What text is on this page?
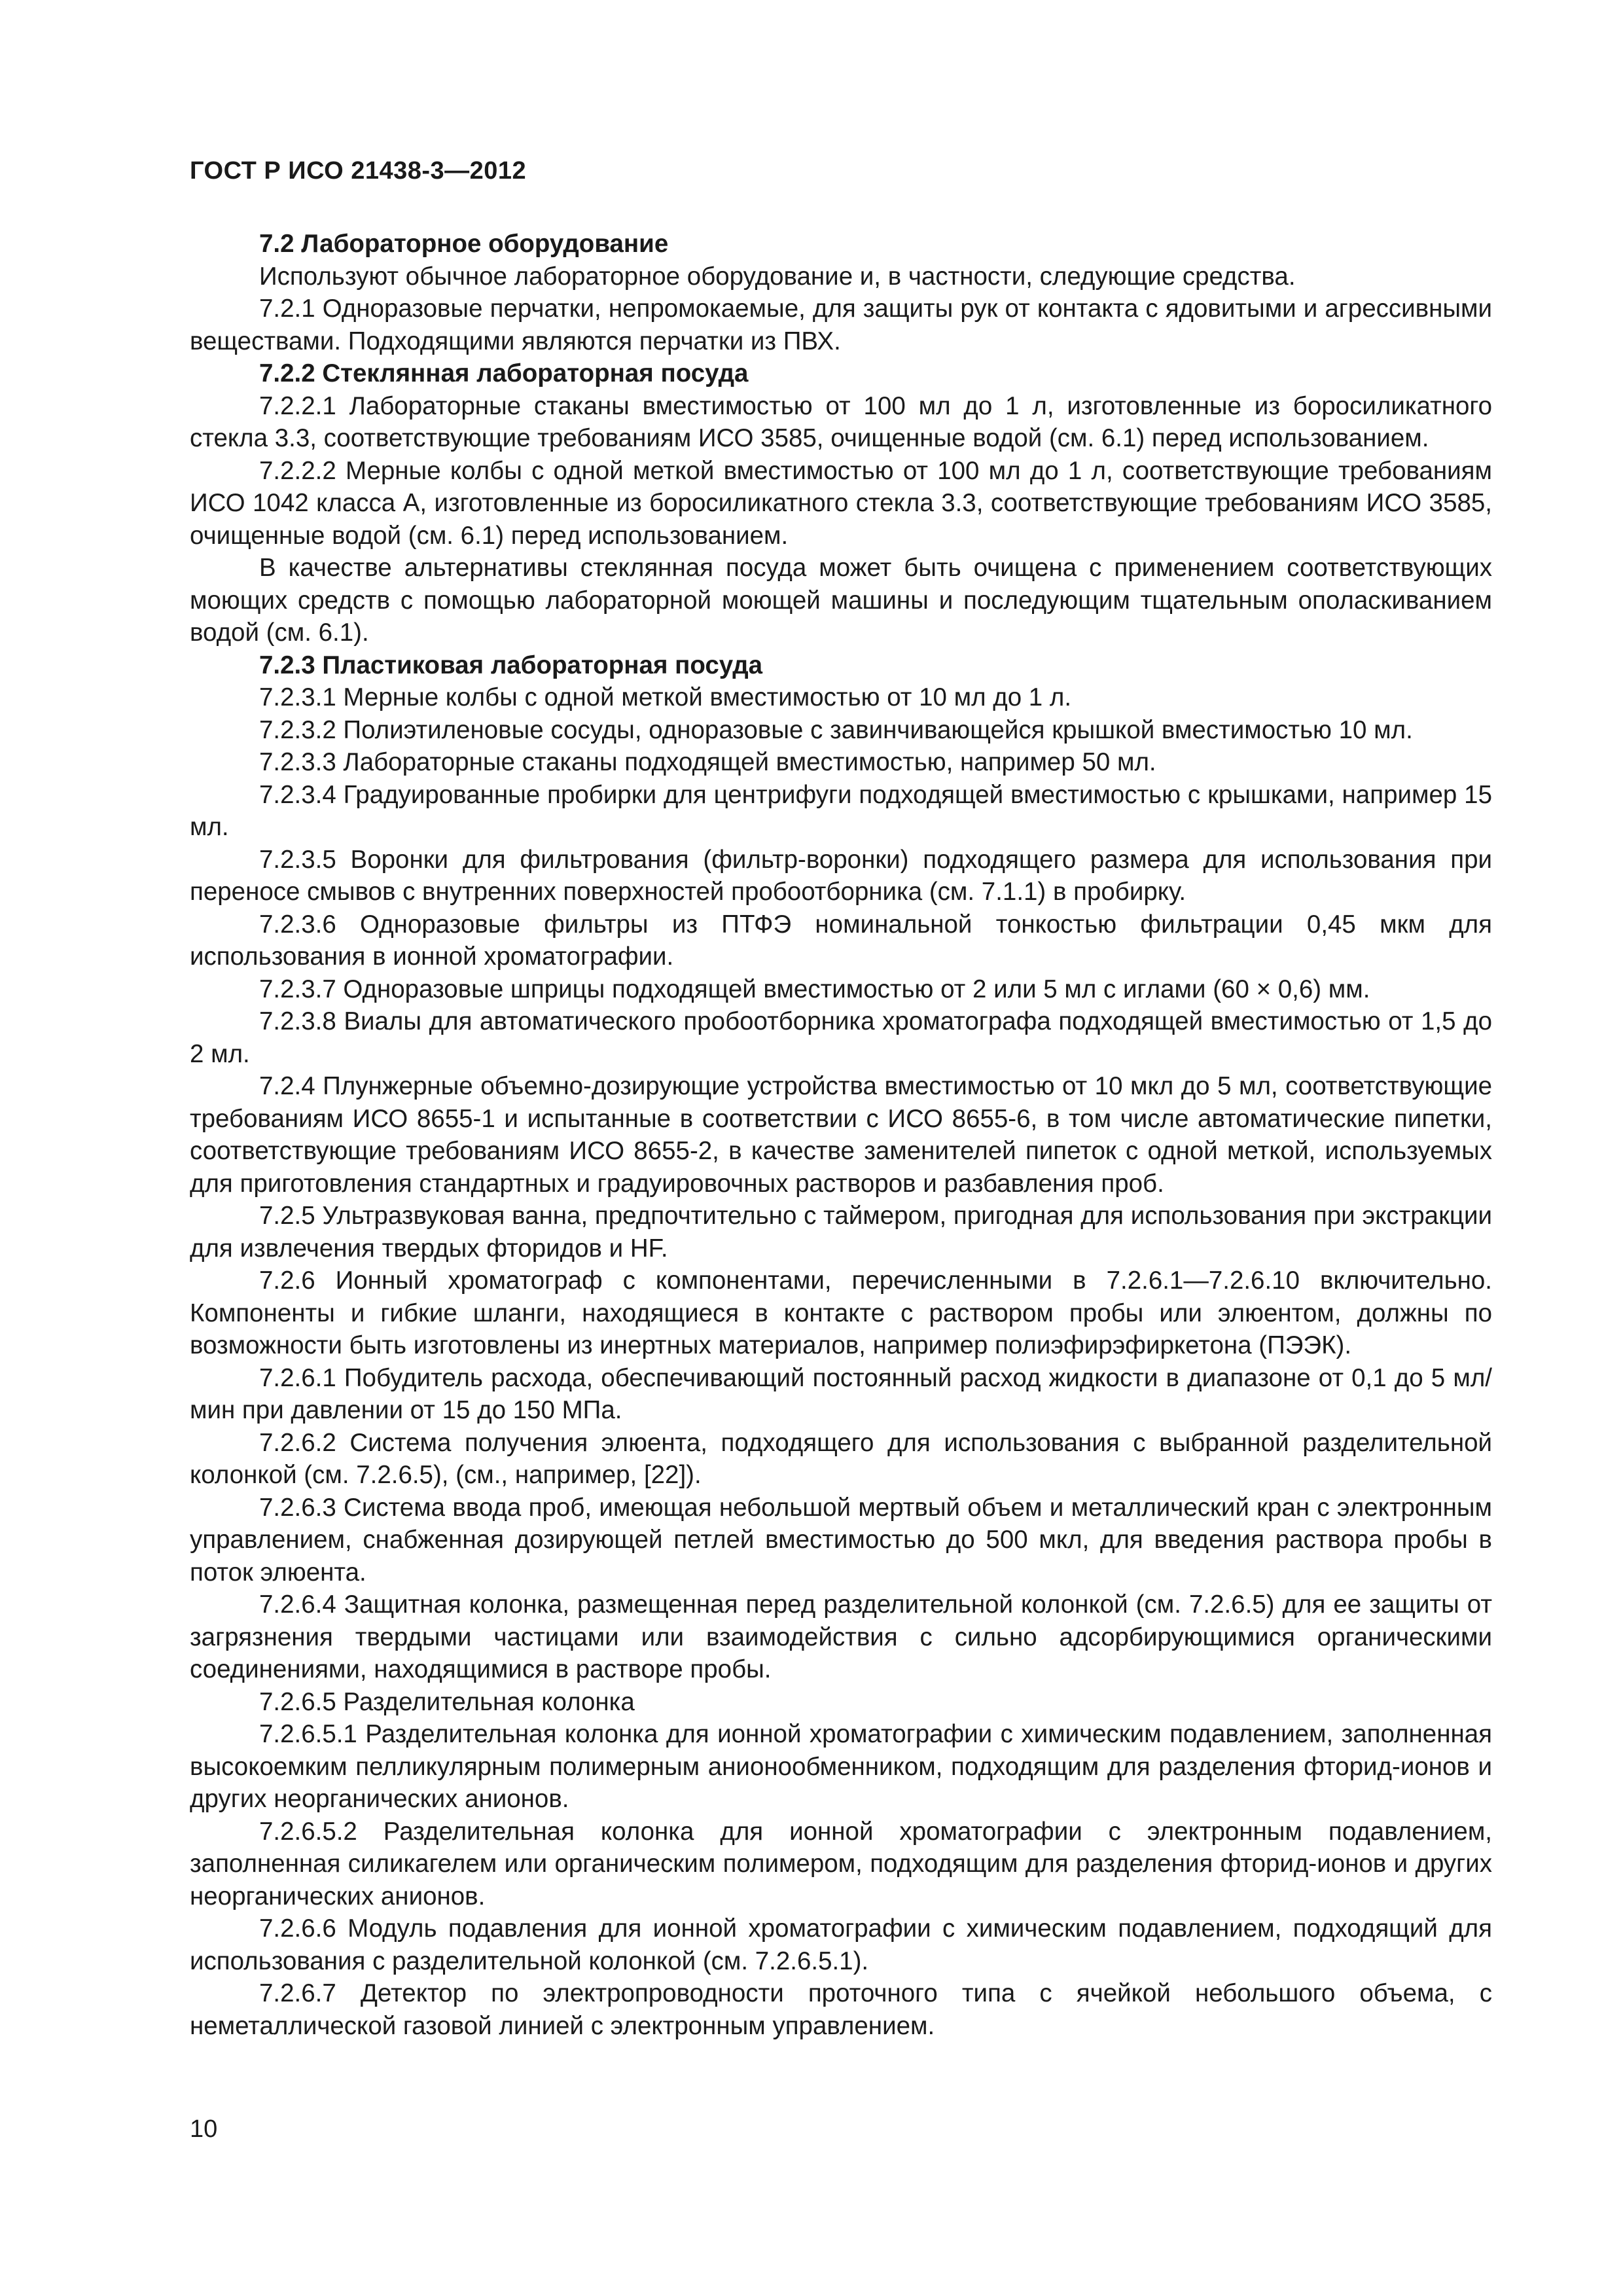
ГОСТ Р ИСО 21438-3—2012

7.2 Лабораторное оборудование

Используют обычное лабораторное оборудование и, в частности, следующие средства.

7.2.1 Одноразовые перчатки, непромокаемые, для защиты рук от контакта с ядовитыми и агрессивными веществами. Подходящими являются перчатки из ПВХ.

7.2.2 Стеклянная лабораторная посуда

7.2.2.1 Лабораторные стаканы вместимостью от 100 мл до 1 л, изготовленные из боросиликатного стекла 3.3, соответствующие требованиям ИСО 3585, очищенные водой (см. 6.1) перед использованием.

7.2.2.2 Мерные колбы с одной меткой вместимостью от 100 мл до 1 л, соответствующие требованиям ИСО 1042 класса А, изготовленные из боросиликатного стекла 3.3, соответствующие требованиям ИСО 3585, очищенные водой (см. 6.1) перед использованием.

В качестве альтернативы стеклянная посуда может быть очищена с применением соответствующих моющих средств с помощью лабораторной моющей машины и последующим тщательным ополаскиванием водой (см. 6.1).

7.2.3 Пластиковая лабораторная посуда

7.2.3.1 Мерные колбы с одной меткой вместимостью от 10 мл до 1 л.

7.2.3.2 Полиэтиленовые сосуды, одноразовые с завинчивающейся крышкой вместимостью 10 мл.

7.2.3.3 Лабораторные стаканы подходящей вместимостью, например 50 мл.

7.2.3.4 Градуированные пробирки для центрифуги подходящей вместимостью с крышками, например 15 мл.

7.2.3.5 Воронки для фильтрования (фильтр-воронки) подходящего размера для использования при переносе смывов с внутренних поверхностей пробоотборника (см. 7.1.1) в пробирку.

7.2.3.6 Одноразовые фильтры из ПТФЭ номинальной тонкостью фильтрации 0,45 мкм для использования в ионной хроматографии.

7.2.3.7 Одноразовые шприцы подходящей вместимостью от 2 или 5 мл с иглами (60 × 0,6) мм.

7.2.3.8 Виалы для автоматического пробоотборника хроматографа подходящей вместимостью от 1,5 до 2 мл.

7.2.4 Плунжерные объемно-дозирующие устройства вместимостью от 10 мкл до 5 мл, соответствующие требованиям ИСО 8655-1 и испытанные в соответствии с ИСО 8655-6, в том числе автоматические пипетки, соответствующие требованиям ИСО 8655-2, в качестве заменителей пипеток с одной меткой, используемых для приготовления стандартных и градуировочных растворов и разбавления проб.

7.2.5 Ультразвуковая ванна, предпочтительно с таймером, пригодная для использования при экстракции для извлечения твердых фторидов и HF.

7.2.6 Ионный хроматограф с компонентами, перечисленными в 7.2.6.1—7.2.6.10 включительно. Компоненты и гибкие шланги, находящиеся в контакте с раствором пробы или элюентом, должны по возможности быть изготовлены из инертных материалов, например полиэфирэфиркетона (ПЭЭК).

7.2.6.1 Побудитель расхода, обеспечивающий постоянный расход жидкости в диапазоне от 0,1 до 5 мл/мин при давлении от 15 до 150 МПа.

7.2.6.2 Система получения элюента, подходящего для использования с выбранной разделительной колонкой (см. 7.2.6.5), (см., например, [22]).

7.2.6.3 Система ввода проб, имеющая небольшой мертвый объем и металлический кран с электронным управлением, снабженная дозирующей петлей вместимостью до 500 мкл, для введения раствора пробы в поток элюента.

7.2.6.4 Защитная колонка, размещенная перед разделительной колонкой (см. 7.2.6.5) для ее защиты от загрязнения твердыми частицами или взаимодействия с сильно адсорбирующимися органическими соединениями, находящимися в растворе пробы.

7.2.6.5 Разделительная колонка

7.2.6.5.1 Разделительная колонка для ионной хроматографии с химическим подавлением, заполненная высокоемким пелликулярным полимерным анионообменником, подходящим для разделения фторид-ионов и других неорганических анионов.

7.2.6.5.2 Разделительная колонка для ионной хроматографии с электронным подавлением, заполненная силикагелем или органическим полимером, подходящим для разделения фторид-ионов и других неорганических анионов.

7.2.6.6 Модуль подавления для ионной хроматографии с химическим подавлением, подходящий для использования с разделительной колонкой (см. 7.2.6.5.1).

7.2.6.7 Детектор по электропроводности проточного типа с ячейкой небольшого объема, с неметаллической газовой линией с электронным управлением.

10
